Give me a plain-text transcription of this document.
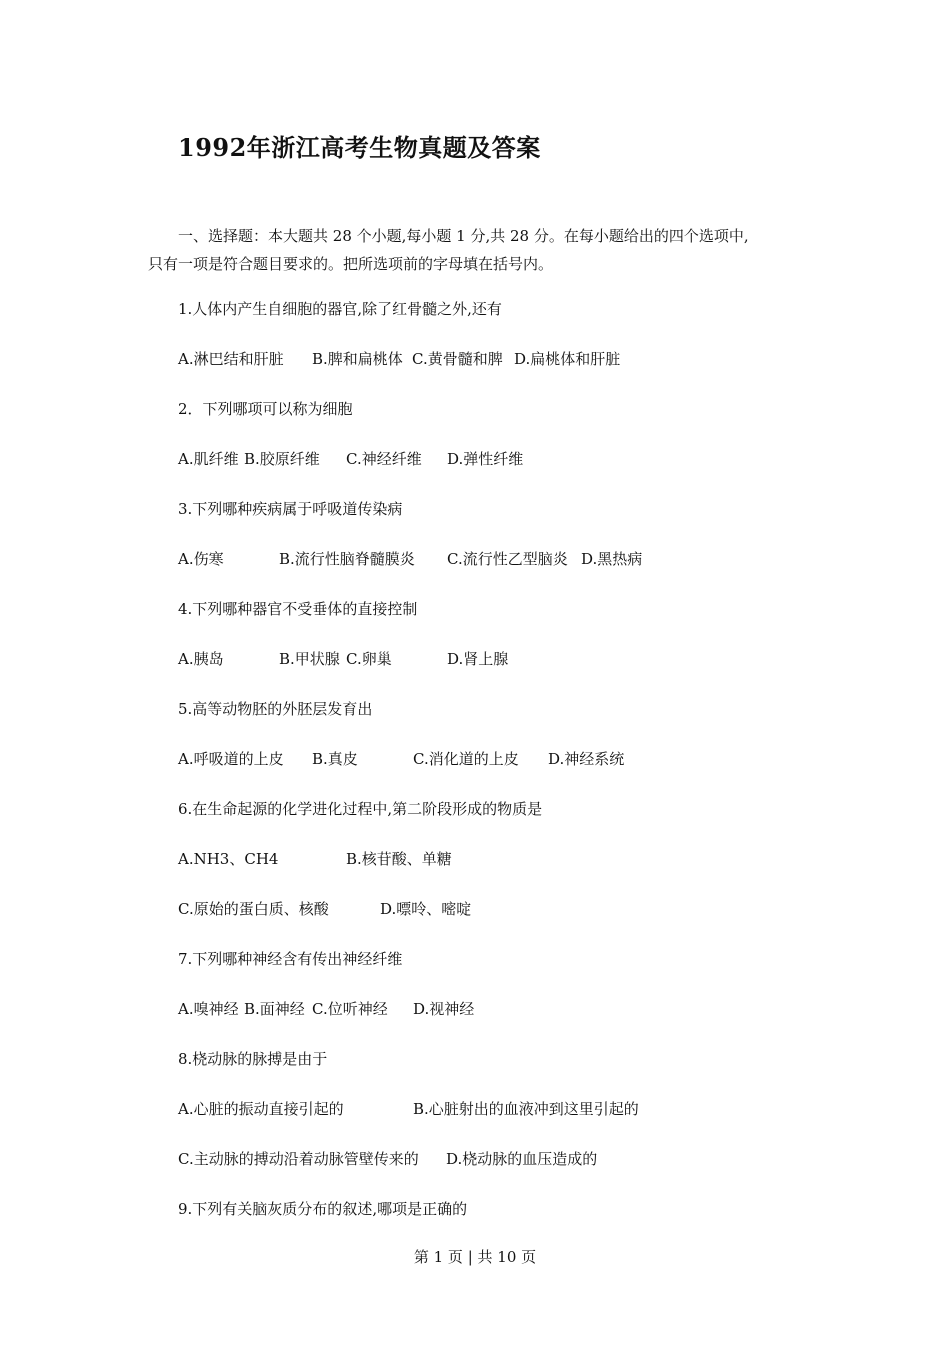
1992年浙江高考生物真题及答案
一、选择题：本大题共 28 个小题,每小题 1 分,共 28 分。在每小题给出的四个选项中,
只有一项是符合题目要求的。把所选项前的字母填在括号内。
1.人体内产生自细胞的器官,除了红骨髓之外,还有
A.淋巴结和肝脏 B.脾和扁桃体 C.黄骨髓和脾 D.扁桃体和肝脏
2．下列哪项可以称为细胞
A.肌纤维 B.胶原纤维 C.神经纤维 D.弹性纤维
3.下列哪种疾病属于呼吸道传染病
A.伤寒	B.流行性脑脊髓膜炎 C.流行性乙型脑炎 D.黑热病
4.下列哪种器官不受垂体的直接控制
A.胰岛	B.甲状腺 C.卵巢	D.肾上腺
5.高等动物胚的外胚层发育出
A.呼吸道的上皮 B.真皮	C.消化道的上皮 D.神经系统
6.在生命起源的化学进化过程中,第二阶段形成的物质是
A.NH3、CH4	B.核苷酸、单糖
C.原始的蛋白质、核酸	D.嘌呤、嘧啶
7.下列哪种神经含有传出神经纤维
A.嗅神经 B.面神经 C.位听神经 D.视神经
8.桡动脉的脉搏是由于
A.心脏的振动直接引起的	B.心脏射出的血液冲到这里引起的
C.主动脉的搏动沿着动脉管壁传来的 D.桡动脉的血压造成的
9.下列有关脑灰质分布的叙述,哪项是正确的
第 1 页 | 共 10 页
